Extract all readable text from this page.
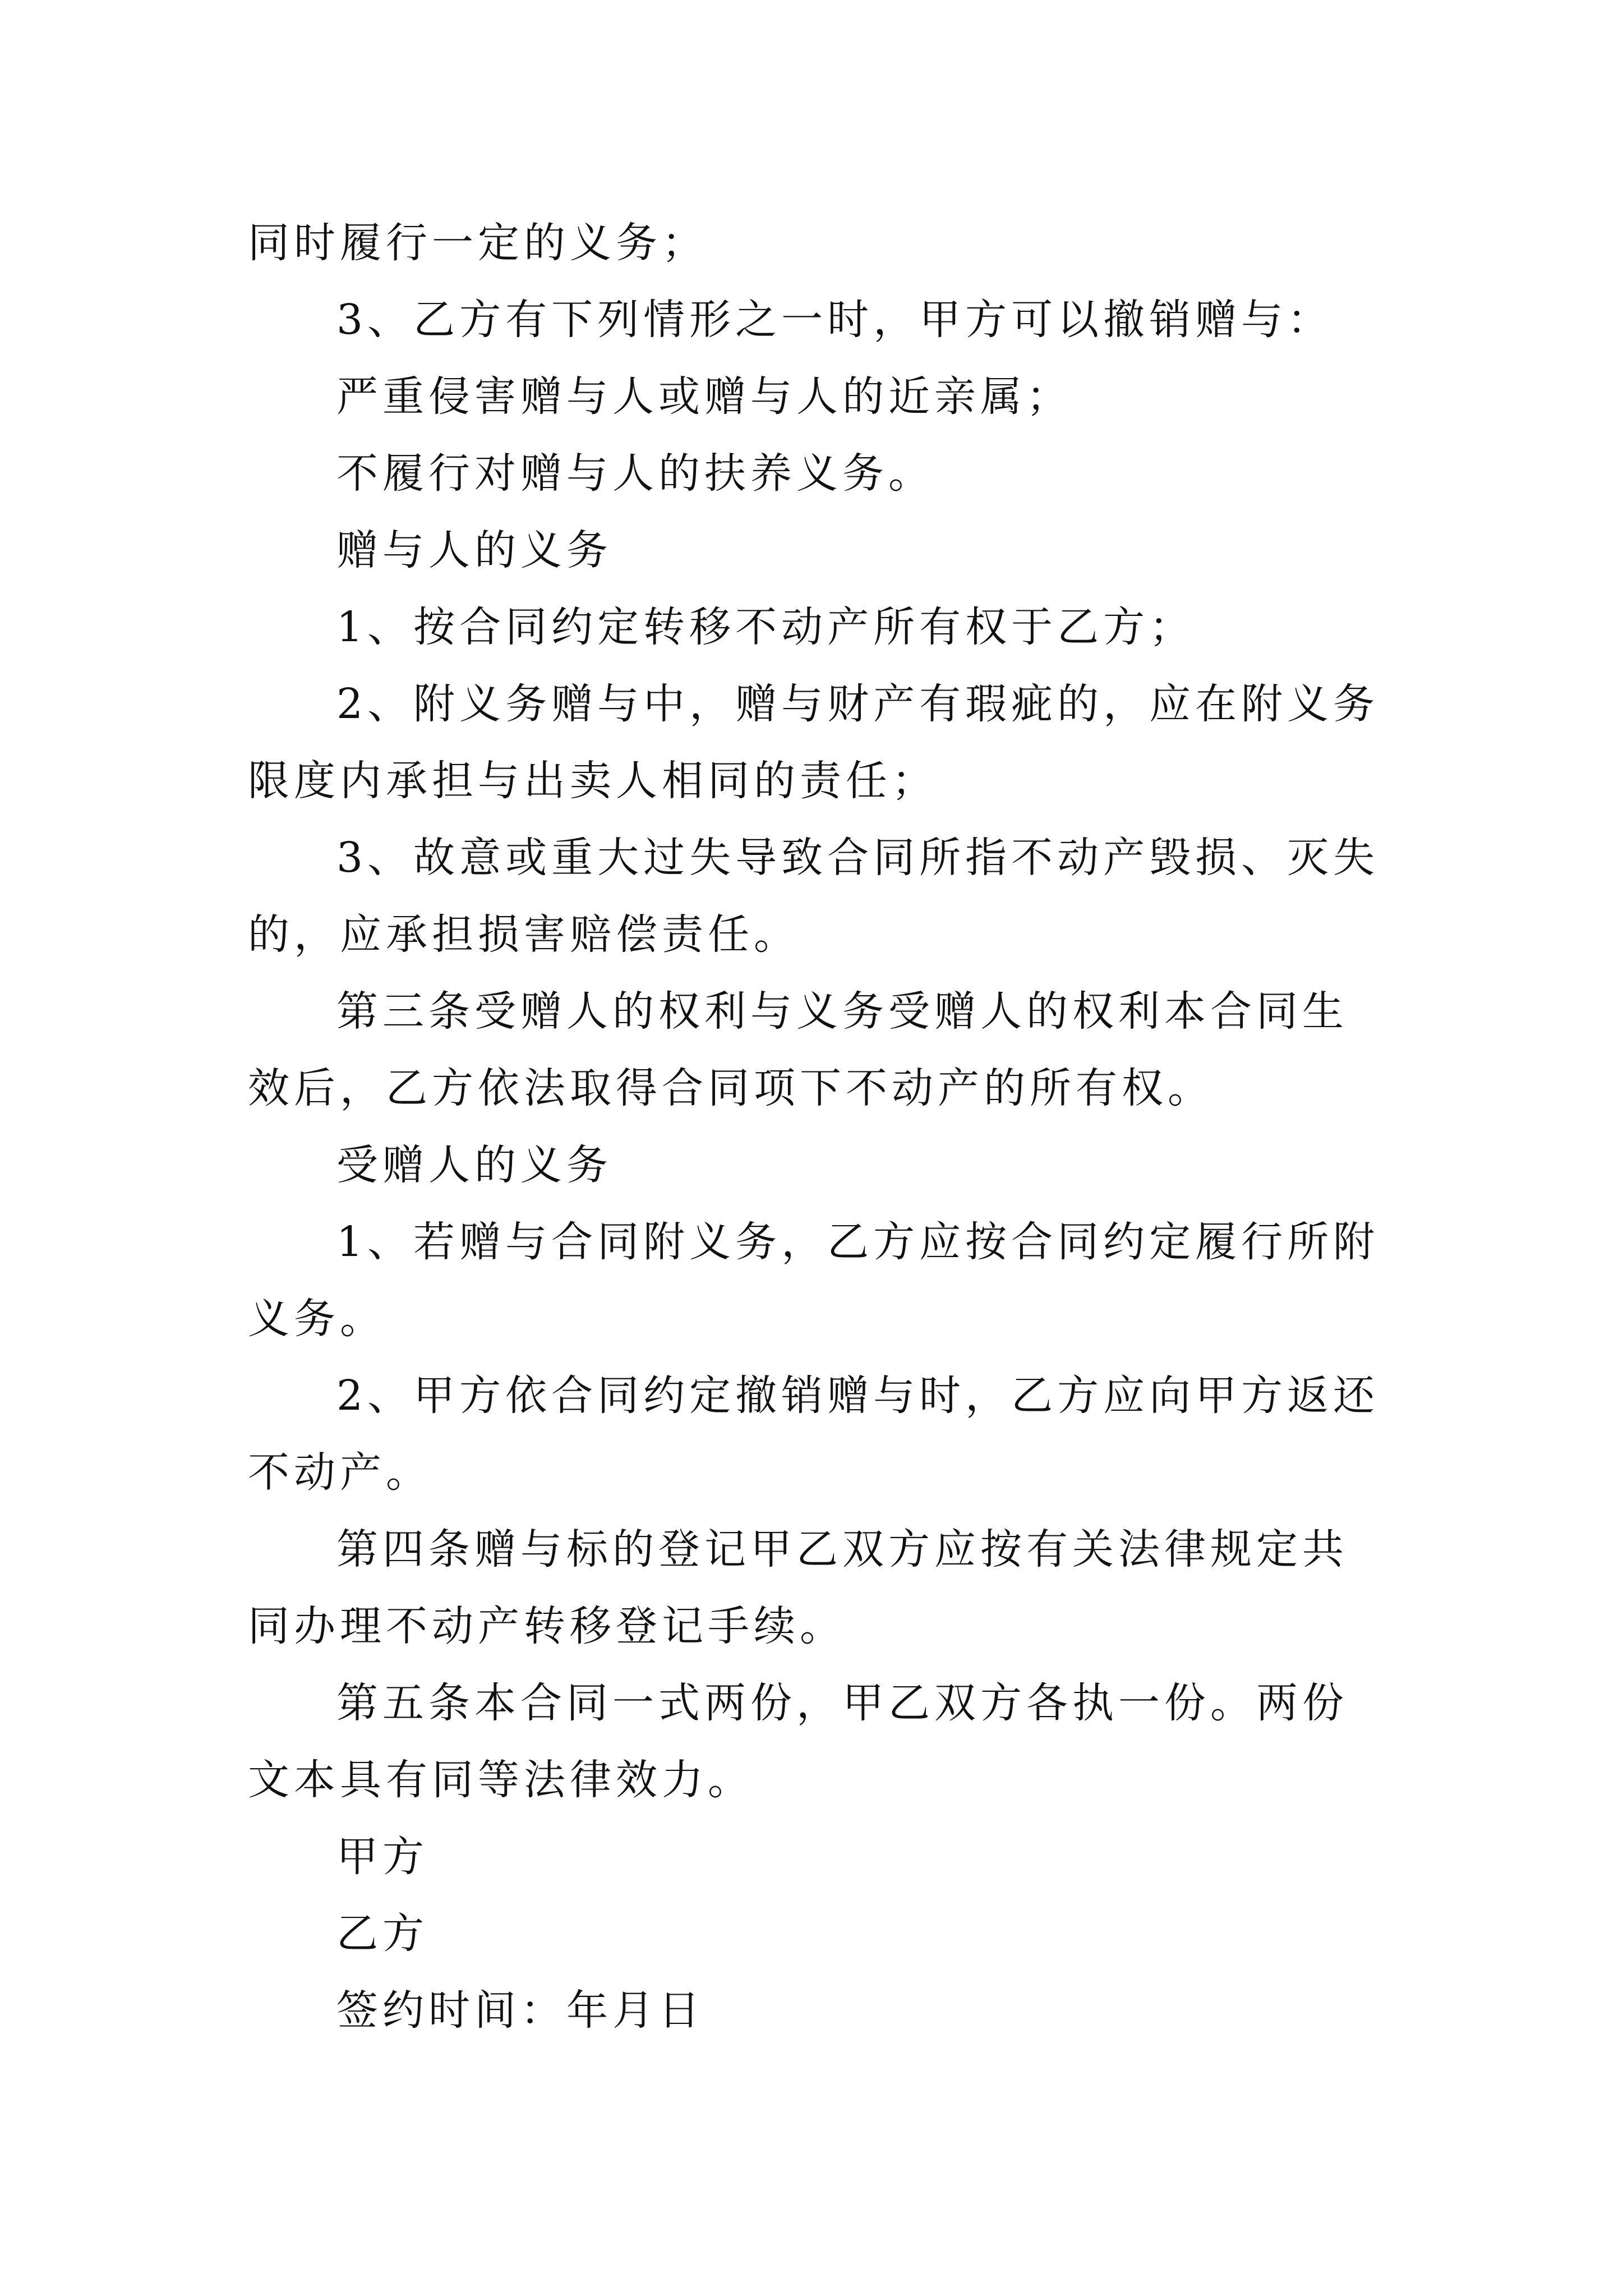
同时履行一定的义务；

3、乙方有下列情形之一时，甲方可以撤销赠与：

严重侵害赠与人或赠与人的近亲属；

不履行对赠与人的扶养义务。

赠与人的义务

1、按合同约定转移不动产所有权于乙方；

2、附义务赠与中，赠与财产有瑕疵的，应在附义务限度内承担与出卖人相同的责任；

3、故意或重大过失导致合同所指不动产毁损、灭失的，应承担损害赔偿责任。

第三条受赠人的权利与义务受赠人的权利本合同生效后，乙方依法取得合同项下不动产的所有权。

受赠人的义务

1、若赠与合同附义务，乙方应按合同约定履行所附义务。

2、甲方依合同约定撤销赠与时，乙方应向甲方返还不动产。

第四条赠与标的登记甲乙双方应按有关法律规定共同办理不动产转移登记手续。

第五条本合同一式两份，甲乙双方各执一份。两份文本具有同等法律效力。

甲方

乙方

签约时间：年月日
